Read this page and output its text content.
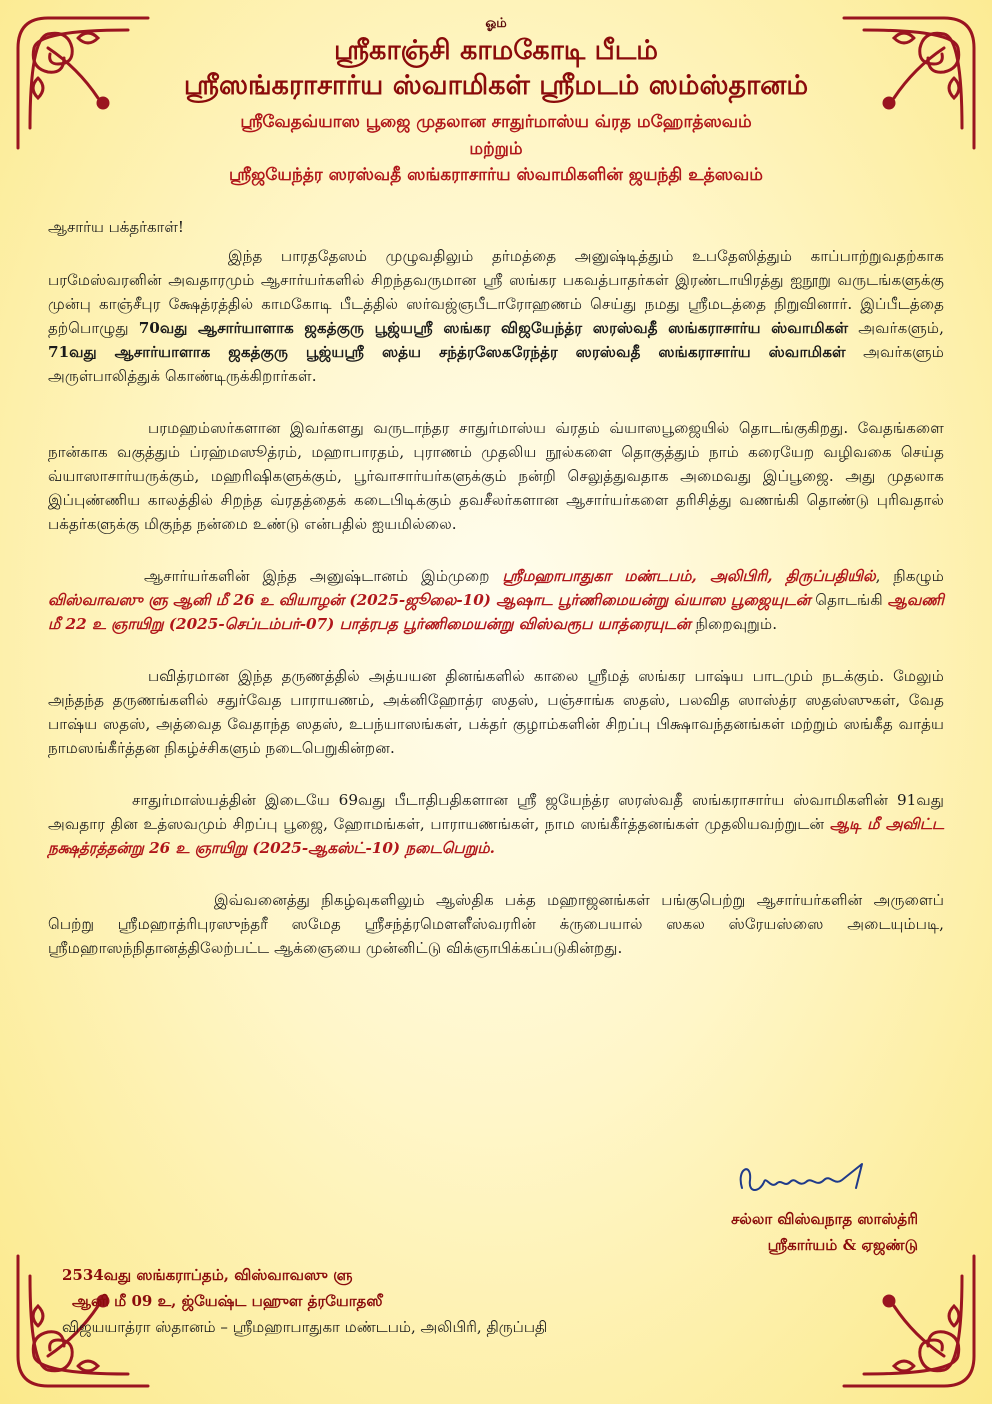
ஓம்
ஸ்ரீகாஞ்சி காமகோடி பீடம்
ஸ்ரீஸங்கராசார்ய ஸ்வாமிகள் ஸ்ரீமடம் ஸம்ஸ்தானம்
ஸ்ரீவேதவ்யாஸ பூஜை முதலான சாதுர்மாஸ்ய வ்ரத மஹோத்ஸவம்
மற்றும்
ஸ்ரீஜயேந்த்ர ஸரஸ்வதீ ஸங்கராசார்ய ஸ்வாமிகளின் ஜயந்தி உத்ஸவம்
ஆசார்ய பக்தர்காள்!

இந்த பாரததேஸம் முழுவதிலும் தர்மத்தை அனுஷ்டித்தும் உபதேஸித்தும் காப்பாற்றுவதற்காக பரமேஸ்வரனின் அவதாரமும் ஆசார்யர்களில் சிறந்தவருமான ஸ்ரீ ஸங்கர பகவத்பாதர்கள் இரண்டாயிரத்து ஐநூறு வருடங்களுக்கு முன்பு காஞ்சீபுர க்ஷேத்ரத்தில் காமகோடி பீடத்தில் ஸர்வஜ்ஞபீடாரோஹணம் செய்து நமது ஸ்ரீமடத்தை நிறுவினார். இப்பீடத்தை தற்பொழுது 70வது ஆசார்யாளாக ஜகத்குரு பூஜ்யஸ்ரீ ஸங்கர விஜயேந்த்ர ஸரஸ்வதீ ஸங்கராசார்ய ஸ்வாமிகள் அவர்களும், 71வது ஆசார்யாளாக ஜகத்குரு பூஜ்யஸ்ரீ ஸத்ய சந்த்ரஸேகரேந்த்ர ஸரஸ்வதீ ஸங்கராசார்ய ஸ்வாமிகள் அவர்களும் அருள்பாலித்துக் கொண்டிருக்கிறார்கள்.

பரமஹம்ஸர்களான இவர்களது வருடாந்தர சாதுர்மாஸ்ய வ்ரதம் வ்யாஸபூஜையில் தொடங்குகிறது. வேதங்களை நான்காக வகுத்தும் ப்ரஹ்மஸூத்ரம், மஹாபாரதம், புராணம் முதலிய நூல்களை தொகுத்தும் நாம் கரையேற வழிவகை செய்த வ்யாஸாசார்யருக்கும், மஹரிஷிகளுக்கும், பூர்வாசார்யர்களுக்கும் நன்றி செலுத்துவதாக அமைவது இப்பூஜை. அது முதலாக இப்புண்ணிய காலத்தில் சிறந்த வ்ரதத்தைக் கடைபிடிக்கும் தவசீலர்களான ஆசார்யர்களை தரிசித்து வணங்கி தொண்டு புரிவதால் பக்தர்களுக்கு மிகுந்த நன்மை உண்டு என்பதில் ஐயமில்லை.

ஆசார்யர்களின் இந்த அனுஷ்டானம் இம்முறை ஸ்ரீமஹாபாதுகா மண்டபம், அலிபிரி, திருப்பதியில், நிகழும் விஸ்வாவஸு ளு ஆனி மீ 26 உ வியாழன் (2025-ஜூலை-10) ஆஷாட பூர்ணிமையன்று வ்யாஸ பூஜையுடன் தொடங்கி ஆவணி மீ 22 உ ஞாயிறு (2025-செப்டம்பர்-07) பாத்ரபத பூர்ணிமையன்று விஸ்வரூப யாத்ரையுடன் நிறைவுறும்.

பவித்ரமான இந்த தருணத்தில் அத்யயன தினங்களில் காலை ஸ்ரீமத் ஸங்கர பாஷ்ய பாடமும் நடக்கும். மேலும் அந்தந்த தருணங்களில் சதுர்வேத பாராயணம், அக்னிஹோத்ர ஸதஸ், பஞ்சாங்க ஸதஸ், பலவித ஸாஸ்த்ர ஸதஸ்ஸுகள், வேத பாஷ்ய ஸதஸ், அத்வைத வேதாந்த ஸதஸ், உபந்யாஸங்கள், பக்தர் குழாம்களின் சிறப்பு பிக்ஷாவந்தனங்கள் மற்றும் ஸங்கீத வாத்ய நாமஸங்கீர்த்தன நிகழ்ச்சிகளும் நடைபெறுகின்றன.

சாதுர்மாஸ்யத்தின் இடையே 69வது பீடாதிபதிகளான ஸ்ரீ ஜயேந்த்ர ஸரஸ்வதீ ஸங்கராசார்ய ஸ்வாமிகளின் 91வது அவதார தின உத்ஸவமும் சிறப்பு பூஜை, ஹோமங்கள், பாராயணங்கள், நாம ஸங்கீர்த்தனங்கள் முதலியவற்றுடன் ஆடி மீ அவிட்ட நக்ஷத்ரத்தன்று 26 உ ஞாயிறு (2025-ஆகஸ்ட்-10) நடைபெறும்.

இவ்வனைத்து நிகழ்வுகளிலும் ஆஸ்திக பக்த மஹாஜனங்கள் பங்குபெற்று ஆசார்யர்களின் அருளைப் பெற்று ஸ்ரீமஹாத்ரிபுரஸுந்தரீ ஸமேத ஸ்ரீசந்த்ரமௌளீஸ்வரரின் க்ருபையால் ஸகல ஸ்ரேயஸ்ஸை அடையும்படி, ஸ்ரீமஹாஸந்நிதானத்திலேற்பட்ட ஆக்ஞையை முன்னிட்டு விக்ஞாபிக்கப்படுகின்றது.

சல்லா விஸ்வநாத ஸாஸ்த்ரி
ஸ்ரீகார்யம் & ஏஜண்டு
2534வது ஸங்கராப்தம், விஸ்வாவஸு ளு
ஆனி மீ 09 உ, ஜ்யேஷ்ட பஹுள த்ரயோதஸீ
விஜயயாத்ரா ஸ்தானம் – ஸ்ரீமஹாபாதுகா மண்டபம், அலிபிரி, திருப்பதி
